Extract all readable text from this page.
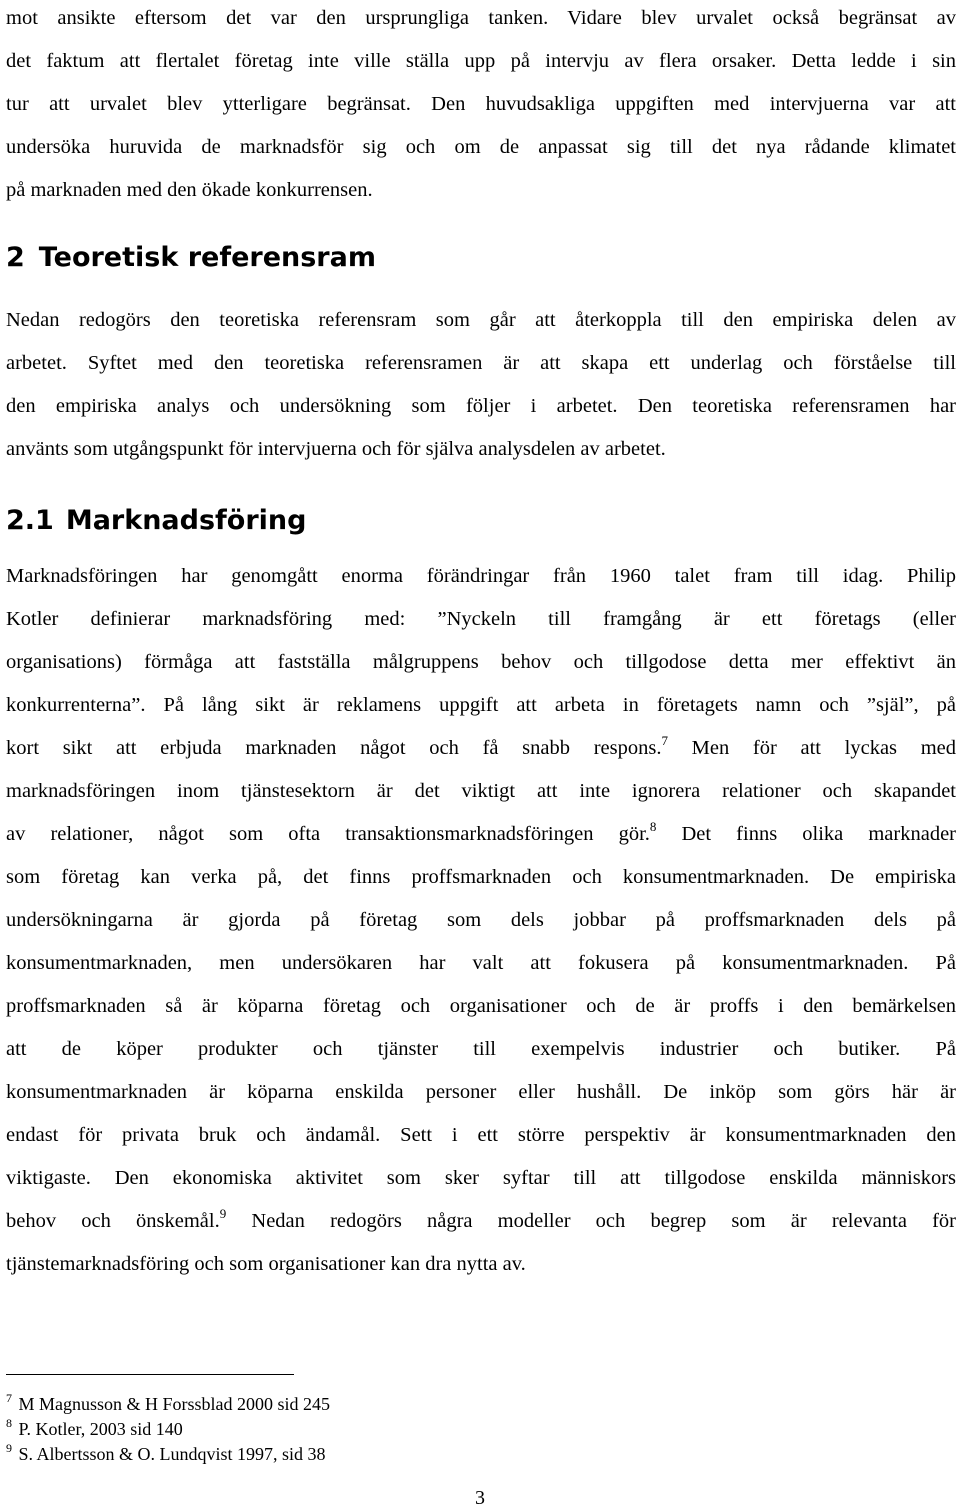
mot ansikte eftersom det var den ursprungliga tanken. Vidare blev urvalet också begränsat av
det faktum att flertalet företag inte ville ställa upp på intervju av flera orsaker. Detta ledde i sin
tur att urvalet blev ytterligare begränsat. Den huvudsakliga uppgiften med intervjuerna var att
undersöka huruvida de marknadsför sig och om de anpassat sig till det nya rådande klimatet
på marknaden med den ökade konkurrensen.
2 Teoretisk referensram
Nedan redogörs den teoretiska referensram som går att återkoppla till den empiriska delen av
arbetet. Syftet med den teoretiska referensramen är att skapa ett underlag och förståelse till
den empiriska analys och undersökning som följer i arbetet. Den teoretiska referensramen har
använts som utgångspunkt för intervjuerna och för själva analysdelen av arbetet.
2.1 Marknadsföring
Marknadsföringen har genomgått enorma förändringar från 1960 talet fram till idag. Philip
Kotler definierar marknadsföring med: ”Nyckeln till framgång är ett företags (eller
organisations) förmåga att fastställa målgruppens behov och tillgodose detta mer effektivt än
konkurrenterna”. På lång sikt är reklamens uppgift att arbeta in företagets namn och ”själ”, på
kort sikt att erbjuda marknaden något och få snabb respons.$^7$ Men för att lyckas med
marknadsföringen inom tjänstesektorn är det viktigt att inte ignorera relationer och skapandet
av relationer, något som ofta transaktionsmarknadsföringen gör.$^8$ Det finns olika marknader
som företag kan verka på, det finns proffsmarknaden och konsumentmarknaden. De empiriska
undersökningarna är gjorda på företag som dels jobbar på proffsmarknaden dels på
konsumentmarknaden, men undersökaren har valt att fokusera på konsumentmarknaden. På
proffsmarknaden så är köparna företag och organisationer och de är proffs i den bemärkelsen
att de köper produkter och tjänster till exempelvis industrier och butiker. På
konsumentmarknaden är köparna enskilda personer eller hushåll. De inköp som görs här är
endast för privata bruk och ändamål. Sett i ett större perspektiv är konsumentmarknaden den
viktigaste. Den ekonomiska aktivitet som sker syftar till att tillgodose enskilda människors
behov och önskemål.$^9$ Nedan redogörs några modeller och begrep som är relevanta för
tjänstemarknadsföring och som organisationer kan dra nytta av.
$^7$ M Magnusson & H Forssblad 2000 sid 245
$^8$ P. Kotler, 2003 sid 140
$^9$ S. Albertsson & O. Lundqvist 1997, sid 38
3
